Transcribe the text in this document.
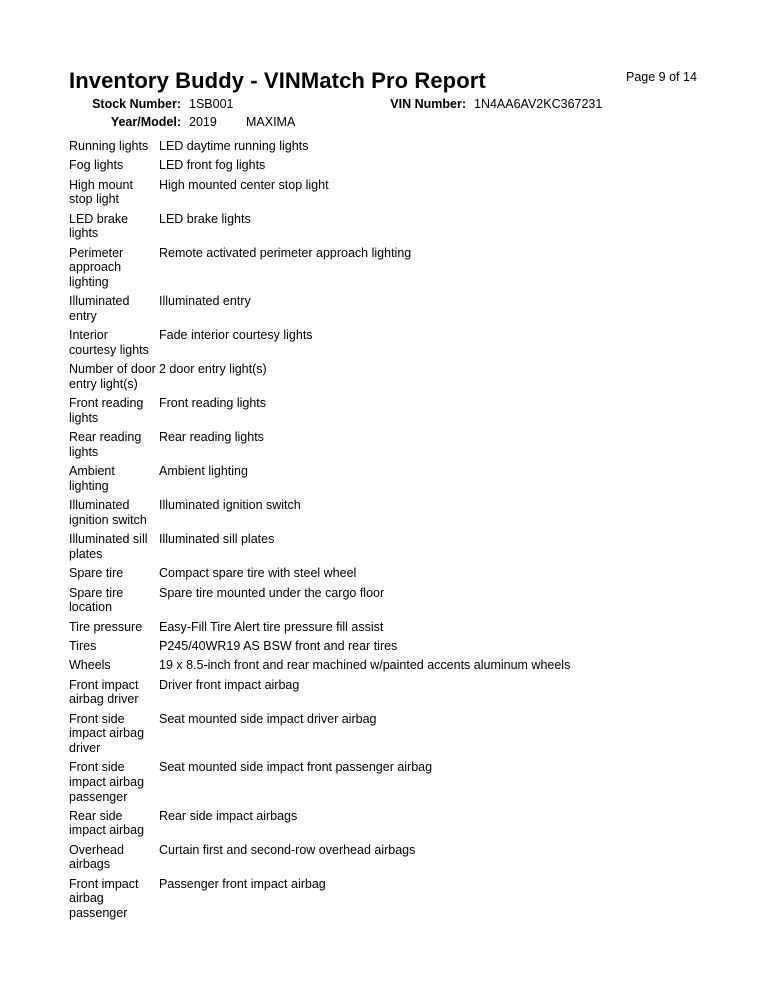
Page 9 of 14
Inventory Buddy - VINMatch Pro Report
Stock Number: 1SB001	VIN Number: 1N4AA6AV2KC367231
Year/Model: 2019 MAXIMA
Running lights	LED daytime running lights
Fog lights	LED front fog lights
High mount stop light	High mounted center stop light
LED brake lights	LED brake lights
Perimeter approach lighting	Remote activated perimeter approach lighting
Illuminated entry	Illuminated entry
Interior courtesy lights	Fade interior courtesy lights
Number of door entry light(s)	2 door entry light(s)
Front reading lights	Front reading lights
Rear reading lights	Rear reading lights
Ambient lighting	Ambient lighting
Illuminated ignition switch	Illuminated ignition switch
Illuminated sill plates	Illuminated sill plates
Spare tire	Compact spare tire with steel wheel
Spare tire location	Spare tire mounted under the cargo floor
Tire pressure	Easy-Fill Tire Alert tire pressure fill assist
Tires	P245/40WR19 AS BSW front and rear tires
Wheels	19 x 8.5-inch front and rear machined w/painted accents aluminum wheels
Front impact airbag driver	Driver front impact airbag
Front side impact airbag driver	Seat mounted side impact driver airbag
Front side impact airbag passenger	Seat mounted side impact front passenger airbag
Rear side impact airbag	Rear side impact airbags
Overhead airbags	Curtain first and second-row overhead airbags
Front impact airbag passenger	Passenger front impact airbag
